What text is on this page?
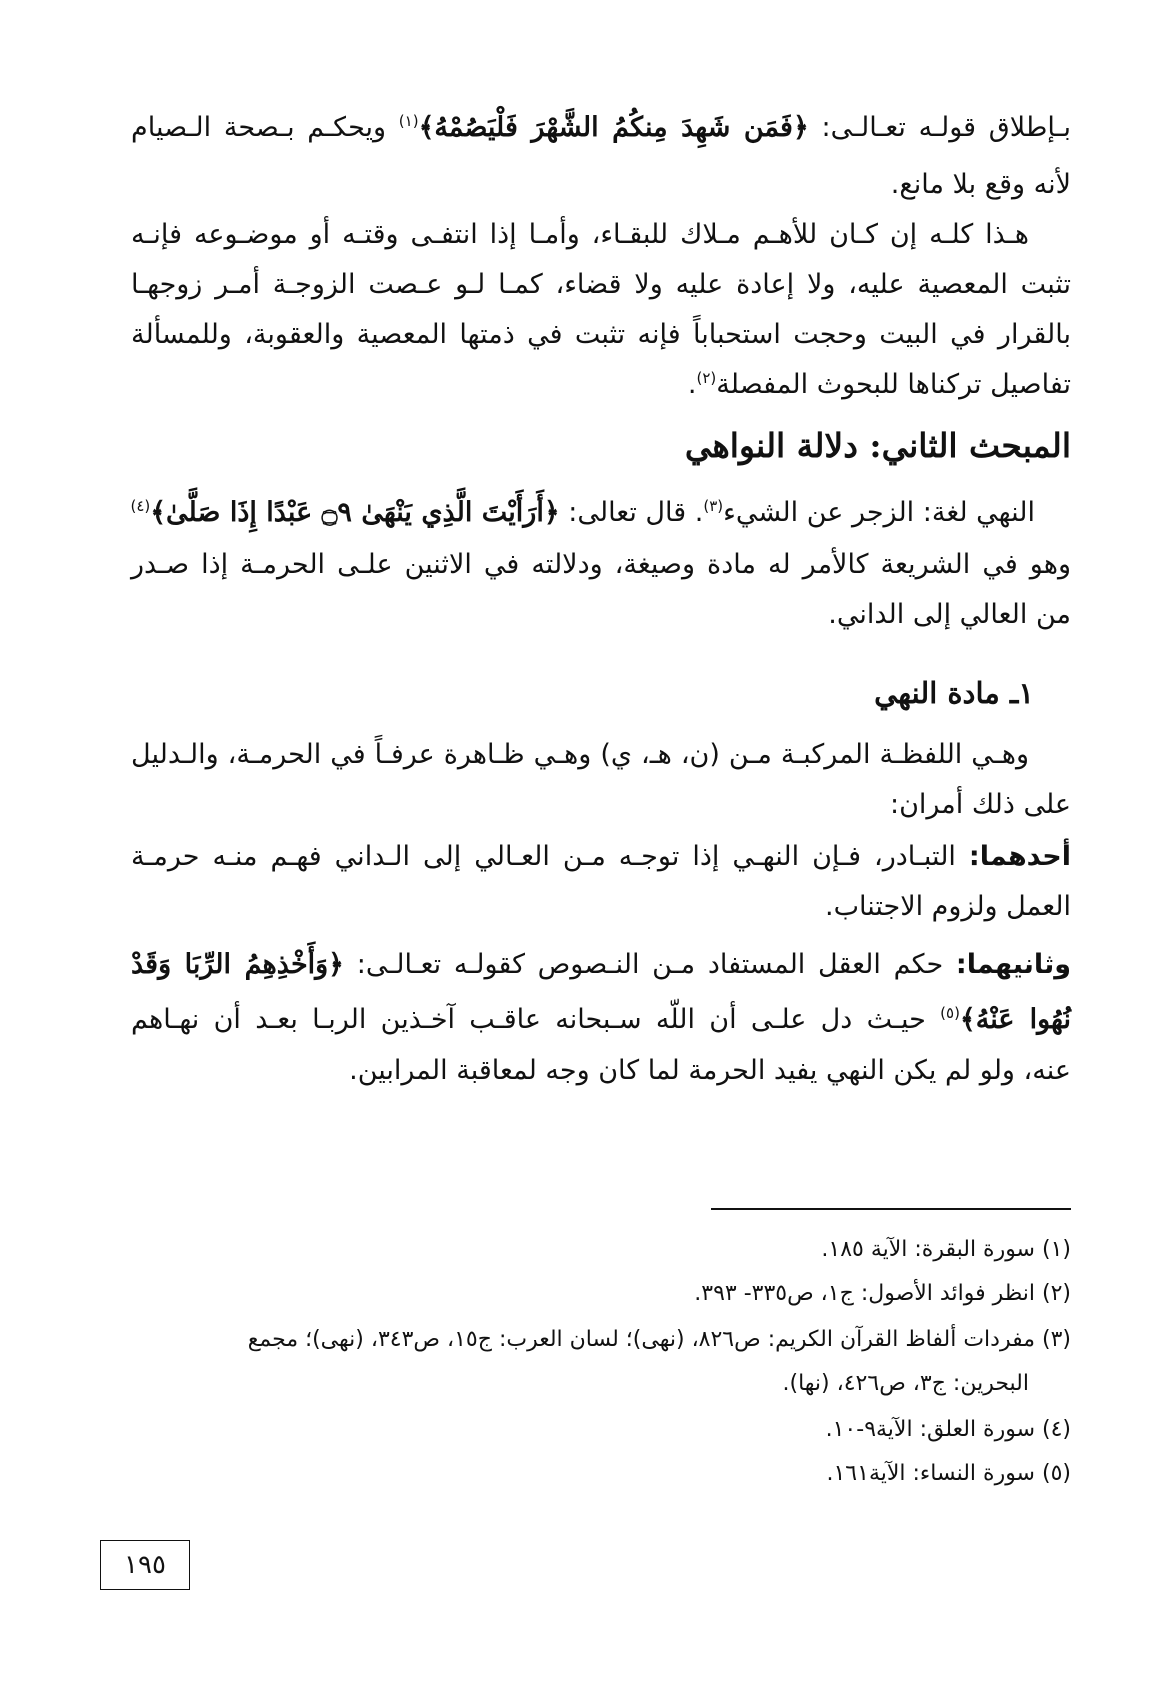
بـإطلاق قولـه تعـالـى: ﴿فَمَن شَهِدَ مِنكُمُ الشَّهْرَ فَلْيَصُمْهُ﴾$^{(١)}$ ويحكـم بـصحة الـصيام
لأنه وقع بلا مانع.
هـذا كلـه إن كـان للأهـم مـلاك للبقـاء، وأمـا إذا انتفـى وقتـه أو موضـوعه فإنـه
تثبت المعصية عليه، ولا إعادة عليه ولا قضاء، كمـا لـو عـصت الزوجـة أمـر زوجهـا
بالقرار في البيت وحجت استحباباً فإنه تثبت في ذمتها المعصية والعقوبة، وللمسألة
تفاصيل تركناها للبحوث المفصلة$^{(٢)}$.
المبحث الثاني: دلالة النواهي
النهي لغة: الزجر عن الشيء$^{(٣)}$. قال تعالى: ﴿أَرَأَيْتَ الَّذِي يَنْهَىٰ ۝٩ عَبْدًا إِذَا صَلَّىٰ﴾$^{(٤)}$
وهو في الشريعة كالأمر له مادة وصيغة، ودلالته في الاثنين علـى الحرمـة إذا صـدر
من العالي إلى الداني.
١ـ مادة النهي
وهـي اللفظـة المركبـة مـن (ن، هـ، ي) وهـي ظـاهرة عرفـاً في الحرمـة، والـدليل
على ذلك أمران:
أحدهما: التبـادر، فـإن النهـي إذا توجـه مـن العـالي إلى الـداني فهـم منـه حرمـة
العمل ولزوم الاجتناب.
وثانيهما: حكم العقل المستفاد مـن النـصوص كقولـه تعـالـى: ﴿وَأَخْذِهِمُ الرِّبَا وَقَدْ
نُهُوا عَنْهُ﴾$^{(٥)}$ حيـث دل علـى أن اللّه سـبحانه عاقـب آخـذين الربـا بعـد أن نهـاهم
عنه، ولو لم يكن النهي يفيد الحرمة لما كان وجه لمعاقبة المرابين.
(١) سورة البقرة: الآية ١٨٥.
(٢) انظر فوائد الأصول: ج١، ص٣٣٥- ٣٩٣.
(٣) مفردات ألفاظ القرآن الكريم: ص٨٢٦، (نهى)؛ لسان العرب: ج١٥، ص٣٤٣، (نهى)؛ مجمع
البحرين: ج٣، ص٤٢٦، (نها).
(٤) سورة العلق: الآية٩-١٠.
(٥) سورة النساء: الآية١٦١.
١٩٥
